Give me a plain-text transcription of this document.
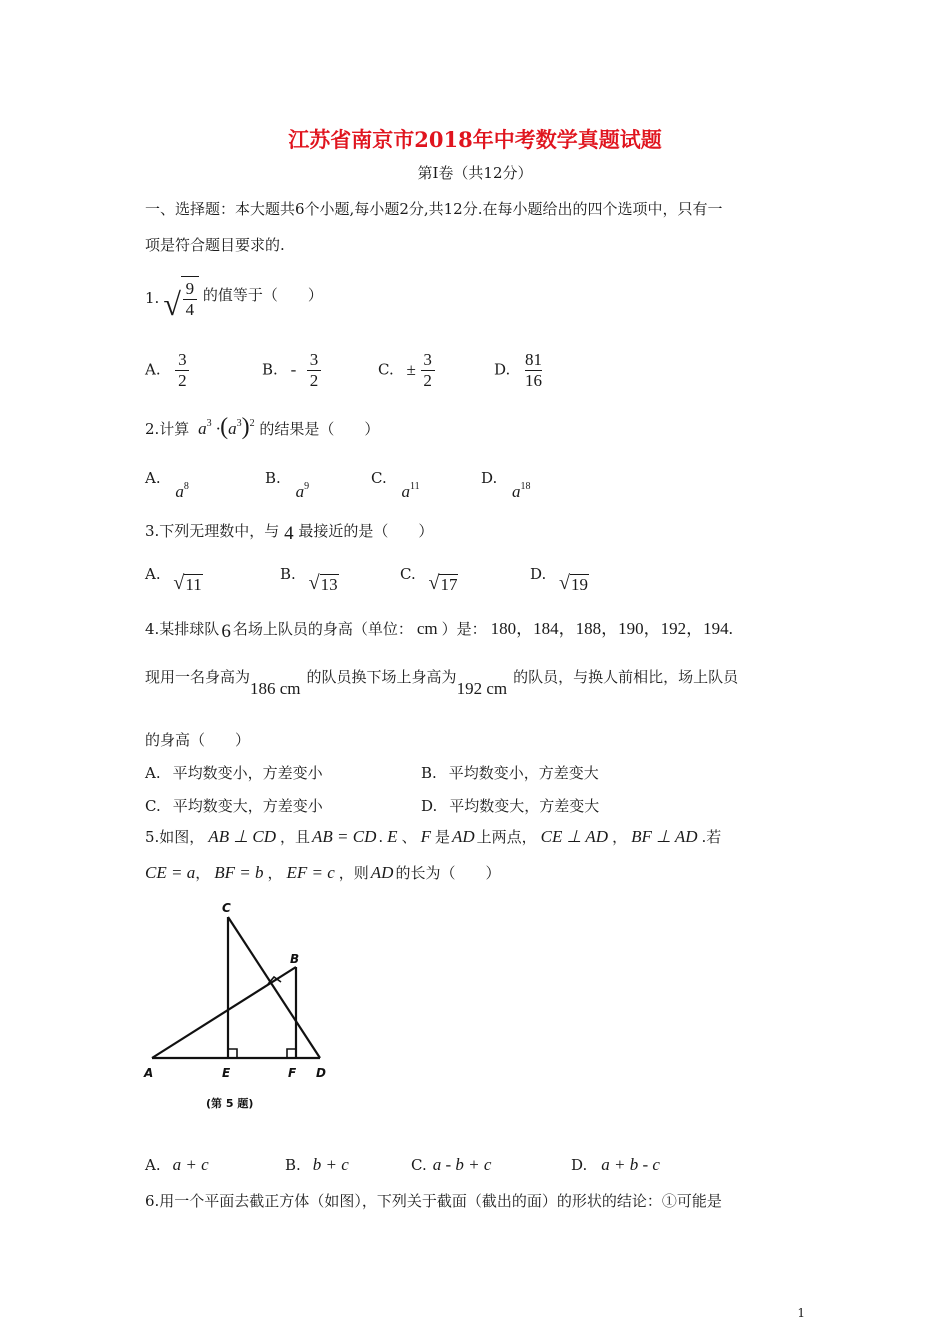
江苏省南京市2018年中考数学真题试题
第Ⅰ卷（共12分）
一、选择题：本大题共6个小题,每小题2分,共12分.在每小题给出的四个选项中，只有一
项是符合题目要求的.
1. √ $\frac{9}{4}$ 的值等于（　　）
A. $\frac{3}{2}$	B. - $\frac{3}{2}$	C. ± $\frac{3}{2}$	D. $\frac{81}{16}$
2.计算 $a^3 \cdot(a^3)^2$ 的结果是（　　）
A. $a^8$	B. $a^9$	C. $a^{11}$	D. $a^{18}$
3.下列无理数中，与 4 最接近的是（　　）
A. √ 11
B. √ 13
C. √ 17
D. √ 19
4.某排球队 6 名场上队员的身高（单位： cm ）是： 180，184，188，190，192，194.
现用一名身高为186 cm的队员换下场上身高为192 cm的队员，与换人前相比，场上队员
的身高（　　）
A. 平均数变小，方差变小	B. 平均数变小，方差变大
C. 平均数变大，方差变小	D. 平均数变大，方差变大
5.如图， AB ⊥ CD ，且 AB = CD . E 、 F 是 AD 上两点， CE ⊥ AD ， BF ⊥ AD .若
CE = a， BF = b ， EF = c ，则 AD 的长为（　　）
C
B
A	E	F D
(第 5 题)
A. a + c	B. b + c	C. a - b + c	D. a + b - c
6.用一个平面去截正方体（如图），下列关于截面（截出的面）的形状的结论：①可能是
1
